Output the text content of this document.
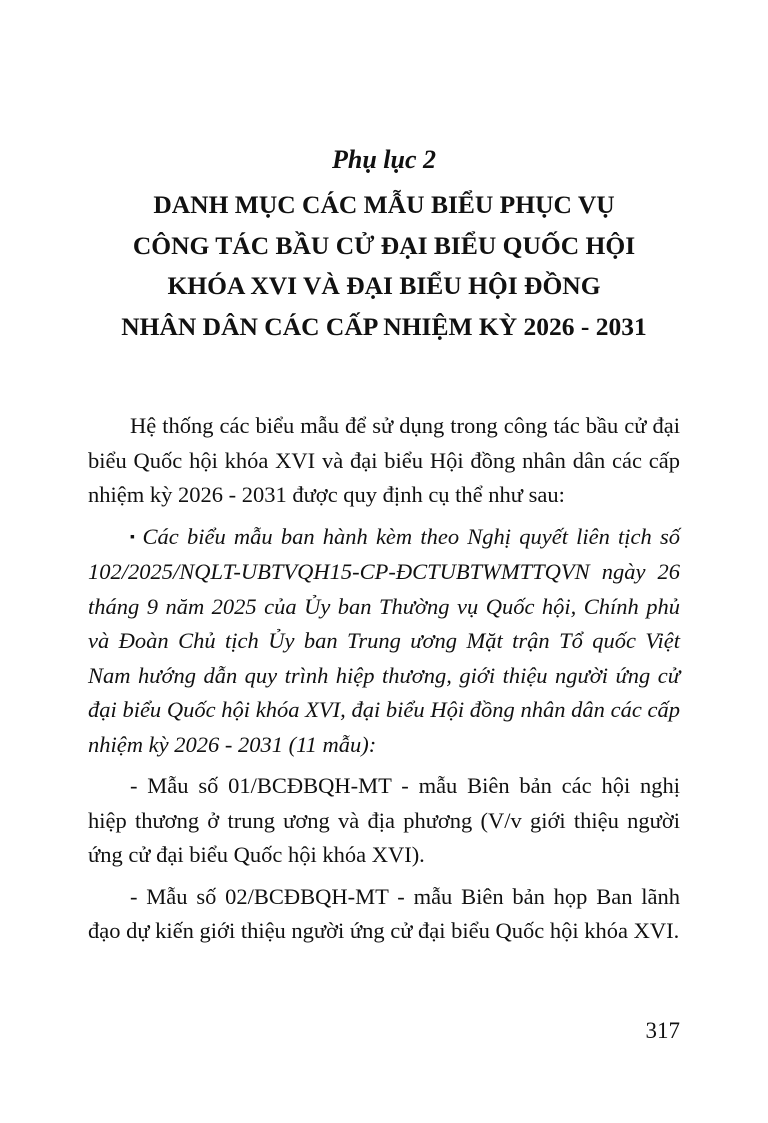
Phụ lục 2
DANH MỤC CÁC MẪU BIỂU PHỤC VỤ
CÔNG TÁC BẦU CỬ ĐẠI BIỂU QUỐC HỘI
KHÓA XVI VÀ ĐẠI BIỂU HỘI ĐỒNG
NHÂN DÂN CÁC CẤP NHIỆM KỲ 2026 - 2031

Hệ thống các biểu mẫu để sử dụng trong công tác bầu cử đại biểu Quốc hội khóa XVI và đại biểu Hội đồng nhân dân các cấp nhiệm kỳ 2026 - 2031 được quy định cụ thể như sau:

▪ Các biểu mẫu ban hành kèm theo Nghị quyết liên tịch số 102/2025/NQLT-UBTVQH15-CP-ĐCTUBTWMTTQVN ngày 26 tháng 9 năm 2025 của Ủy ban Thường vụ Quốc hội, Chính phủ và Đoàn Chủ tịch Ủy ban Trung ương Mặt trận Tổ quốc Việt Nam hướng dẫn quy trình hiệp thương, giới thiệu người ứng cử đại biểu Quốc hội khóa XVI, đại biểu Hội đồng nhân dân các cấp nhiệm kỳ 2026 - 2031 (11 mẫu):

- Mẫu số 01/BCĐBQH-MT - mẫu Biên bản các hội nghị hiệp thương ở trung ương và địa phương (V/v giới thiệu người ứng cử đại biểu Quốc hội khóa XVI).

- Mẫu số 02/BCĐBQH-MT - mẫu Biên bản họp Ban lãnh đạo dự kiến giới thiệu người ứng cử đại biểu Quốc hội khóa XVI.

317
